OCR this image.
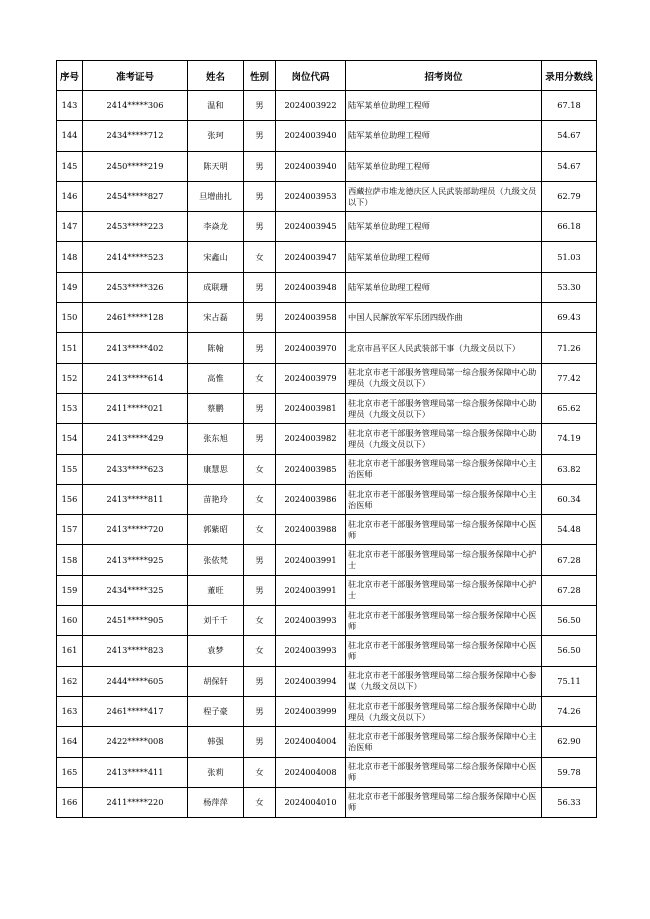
序号	准考证号	姓名	性别	岗位代码	招考岗位	录用分数线
143	2414*****306	温和	男	2024003922	陆军某单位助理工程师	67.18
144	2434*****712	张珂	男	2024003940	陆军某单位助理工程师	54.67
145	2450*****219	陈天明	男	2024003940	陆军某单位助理工程师	54.67
146	2454*****827	旦增曲扎	男	2024003953	西藏拉萨市堆龙德庆区人民武装部助理员（九级文员以下）	62.79
147	2453*****223	李焱龙	男	2024003945	陆军某单位助理工程师	66.18
148	2414*****523	宋鑫山	女	2024003947	陆军某单位助理工程师	51.03
149	2453*****326	成联珊	男	2024003948	陆军某单位助理工程师	53.30
150	2461*****128	宋占磊	男	2024003958	中国人民解放军军乐团四级作曲	69.43
151	2413*****402	陈翰	男	2024003970	北京市昌平区人民武装部干事（九级文员以下）	71.26
152	2413*****614	高惟	女	2024003979	驻北京市老干部服务管理局第一综合服务保障中心助理员（九级文员以下）	77.42
153	2411*****021	蔡鹏	男	2024003981	驻北京市老干部服务管理局第一综合服务保障中心助理员（九级文员以下）	65.62
154	2413*****429	张东旭	男	2024003982	驻北京市老干部服务管理局第一综合服务保障中心助理员（九级文员以下）	74.19
155	2433*****623	康慧思	女	2024003985	驻北京市老干部服务管理局第一综合服务保障中心主治医师	63.82
156	2413*****811	苗艳玲	女	2024003986	驻北京市老干部服务管理局第一综合服务保障中心主治医师	60.34
157	2413*****720	郭紫昭	女	2024003988	驻北京市老干部服务管理局第一综合服务保障中心医师	54.48
158	2413*****925	张依梵	男	2024003991	驻北京市老干部服务管理局第一综合服务保障中心护士	67.28
159	2434*****325	董旺	男	2024003991	驻北京市老干部服务管理局第一综合服务保障中心护士	67.28
160	2451*****905	刘千千	女	2024003993	驻北京市老干部服务管理局第一综合服务保障中心医师	56.50
161	2413*****823	袁梦	女	2024003993	驻北京市老干部服务管理局第一综合服务保障中心医师	56.50
162	2444*****605	胡保轩	男	2024003994	驻北京市老干部服务管理局第二综合服务保障中心参谋（九级文员以下）	75.11
163	2461*****417	程子豪	男	2024003999	驻北京市老干部服务管理局第二综合服务保障中心助理员（九级文员以下）	74.26
164	2422*****008	韩强	男	2024004004	驻北京市老干部服务管理局第二综合服务保障中心主治医师	62.90
165	2413*****411	张莉	女	2024004008	驻北京市老干部服务管理局第二综合服务保障中心医师	59.78
166	2411*****220	杨萍萍	女	2024004010	驻北京市老干部服务管理局第二综合服务保障中心医师	56.33
